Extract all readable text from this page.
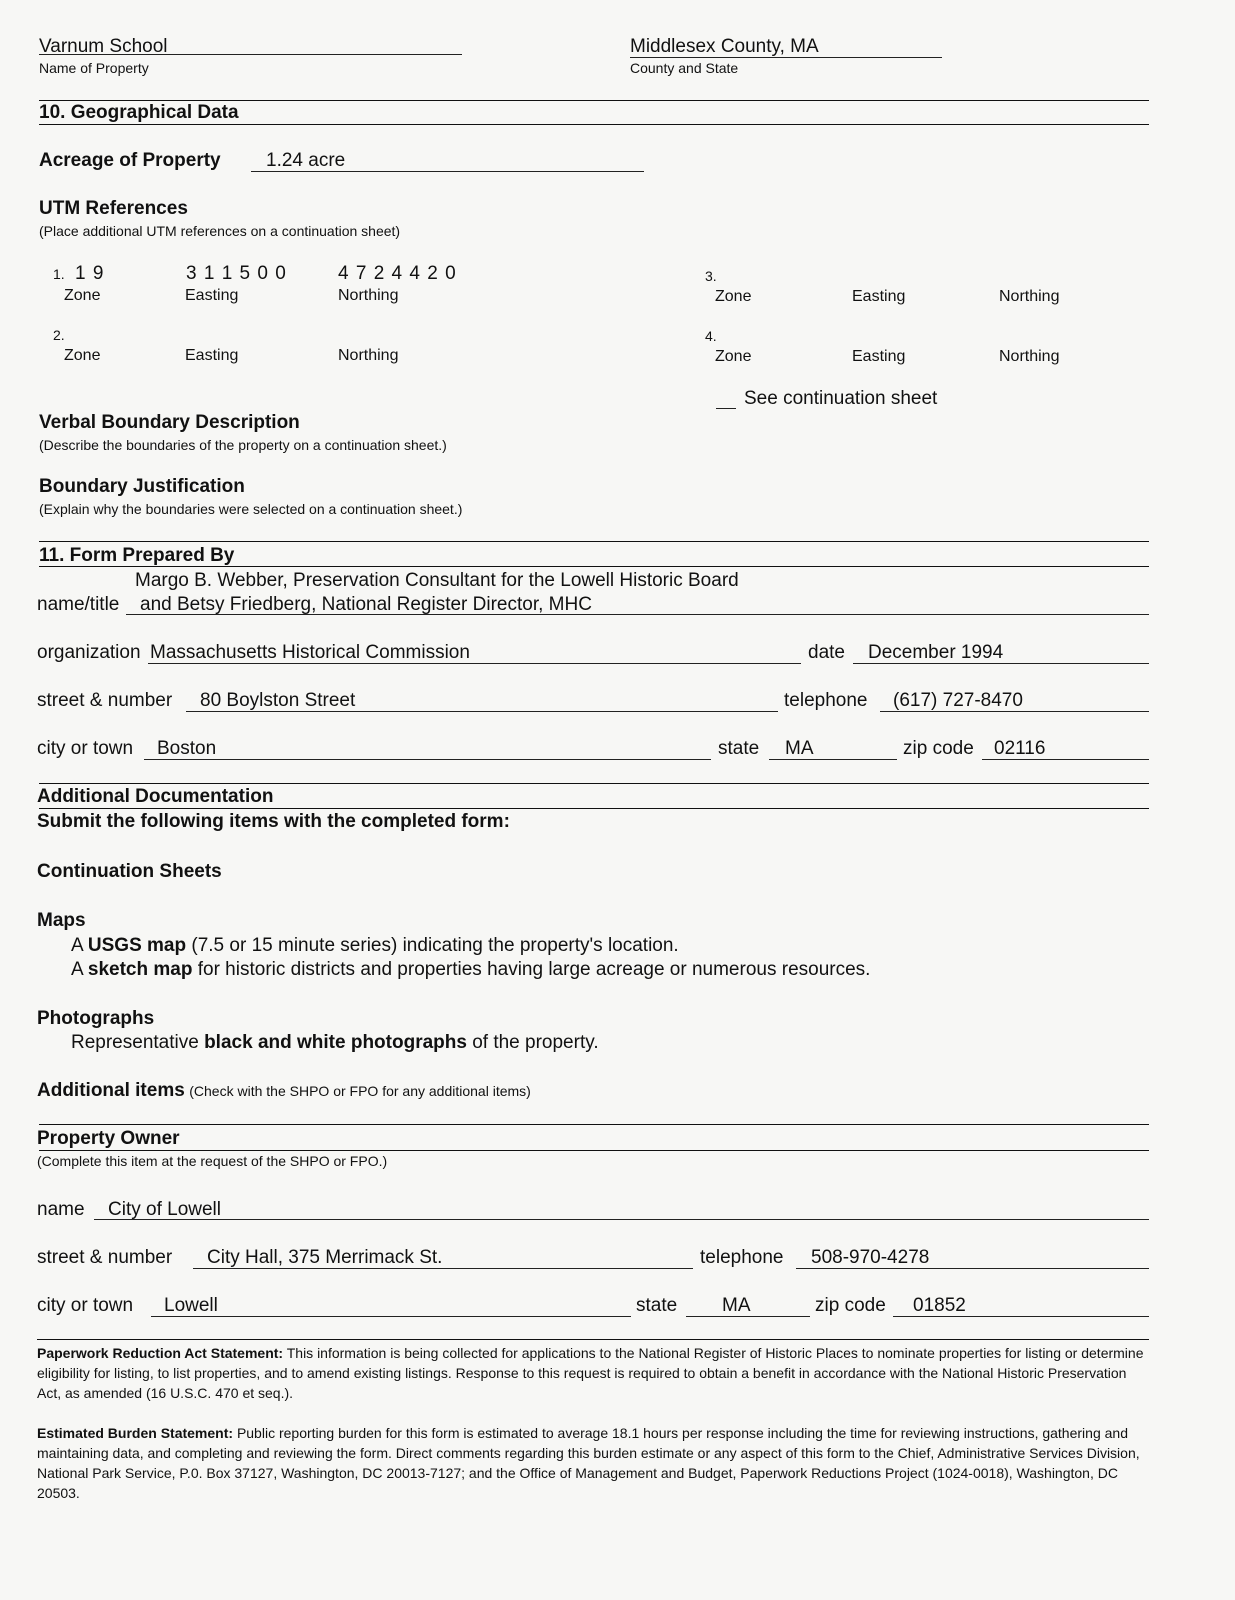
Varnum School
Name of Property
Middlesex County, MA
County and State
10. Geographical Data
Acreage of Property 1.24 acre
UTM References
(Place additional UTM references on a continuation sheet)
1. 1 9	3 1 1 5 0 0	4 7 2 4 4 2 0
Zone	Easting	Northing
2.
Zone	Easting	Northing
3.
Zone	Easting	Northing
4.
Zone	Easting	Northing
See continuation sheet
Verbal Boundary Description
(Describe the boundaries of the property on a continuation sheet.)
Boundary Justification
(Explain why the boundaries were selected on a continuation sheet.)
11. Form Prepared By
Margo B. Webber, Preservation Consultant for the Lowell Historic Board
name/title and Betsy Friedberg, National Register Director, MHC
organization Massachusetts Historical Commission	date December 1994
street & number 80 Boylston Street	telephone (617) 727-8470
city or town Boston	state MA	zip code 02116
Additional Documentation
Submit the following items with the completed form:
Continuation Sheets
Maps
A USGS map (7.5 or 15 minute series) indicating the property's location.
A sketch map for historic districts and properties having large acreage or numerous resources.
Photographs
Representative black and white photographs of the property.
Additional items (Check with the SHPO or FPO for any additional items)
Property Owner
(Complete this item at the request of the SHPO or FPO.)
name City of Lowell
street & number City Hall, 375 Merrimack St.	telephone 508-970-4278
city or town Lowell	state MA	zip code 01852
Paperwork Reduction Act Statement: This information is being collected for applications to the National Register of Historic Places to nominate properties for listing or determine eligibility for listing, to list properties, and to amend existing listings. Response to this request is required to obtain a benefit in accordance with the National Historic Preservation Act, as amended (16 U.S.C. 470 et seq.).
Estimated Burden Statement: Public reporting burden for this form is estimated to average 18.1 hours per response including the time for reviewing instructions, gathering and maintaining data, and completing and reviewing the form. Direct comments regarding this burden estimate or any aspect of this form to the Chief, Administrative Services Division, National Park Service, P.0. Box 37127, Washington, DC 20013-7127; and the Office of Management and Budget, Paperwork Reductions Project (1024-0018), Washington, DC 20503.
